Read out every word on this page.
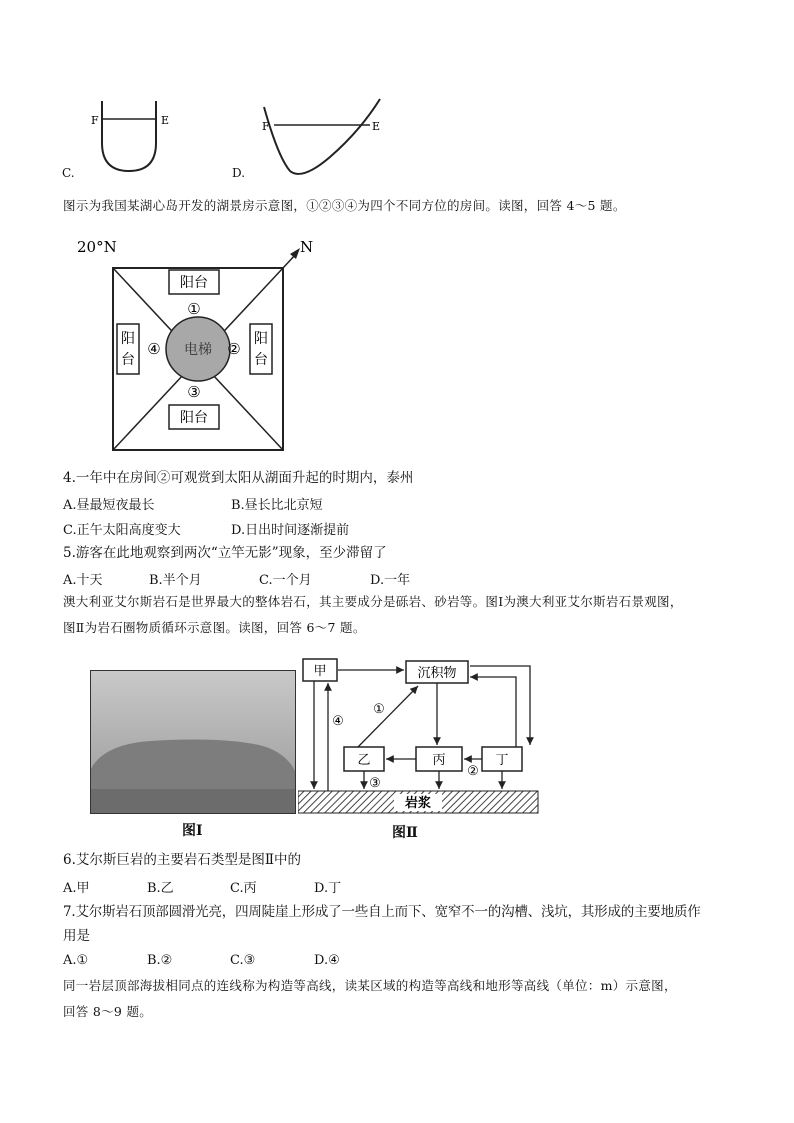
F	E
C.
F	E
D.
图示为我国某湖心岛开发的湖景房示意图，①②③④为四个不同方位的房间。读图，回答 4～5 题。
20°N	N
阳台
阳台
阳
台
阳
台
电梯
①
②
③
④
4.一年中在房间②可观赏到太阳从湖面升起的时期内，泰州
A.昼最短夜最长	B.昼长比北京短
C.正午太阳高度变大	D.日出时间逐渐提前
5.游客在此地观察到两次“立竿无影”现象，至少滞留了
A.十天	B.半个月	C.一个月	D.一年
澳大利亚艾尔斯岩石是世界最大的整体岩石，其主要成分是砾岩、砂岩等。图Ⅰ为澳大利亚艾尔斯岩石景观图，
图Ⅱ为岩石圈物质循环示意图。读图，回答 6～7 题。
图Ⅰ
岩浆
甲	沉积物
乙	丙	丁
①
②
③
④
图Ⅱ
6.艾尔斯巨岩的主要岩石类型是图Ⅱ中的
A.甲	B.乙	C.丙	D.丁
7.艾尔斯岩石顶部圆滑光亮，四周陡崖上形成了一些自上而下、宽窄不一的沟槽、浅坑，其形成的主要地质作
用是
A.①	B.②	C.③	D.④
同一岩层顶部海拔相同点的连线称为构造等高线，读某区域的构造等高线和地形等高线（单位：m）示意图，
回答 8～9 题。
